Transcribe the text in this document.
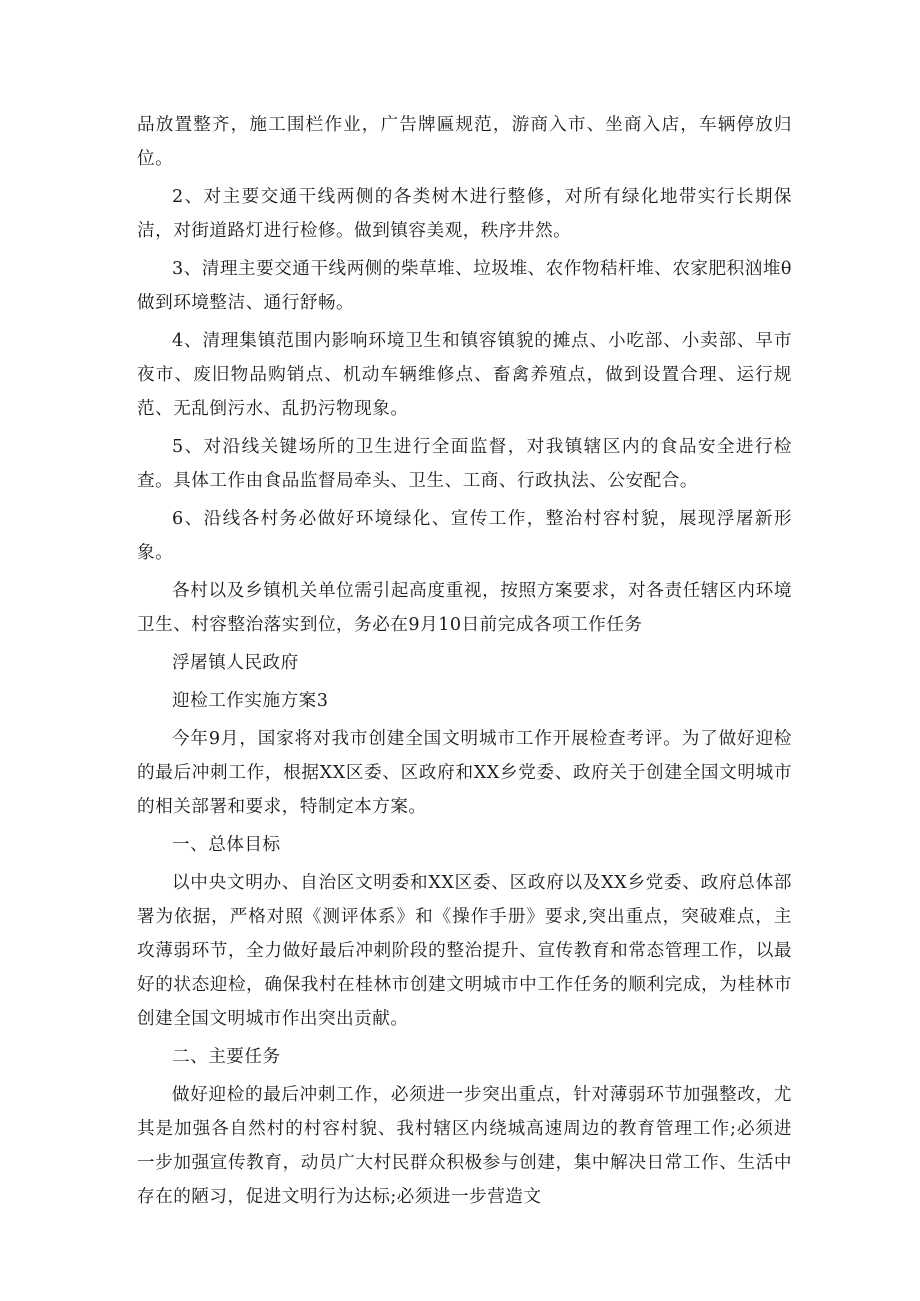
品放置整齐，施工围栏作业，广告牌匾规范，游商入市、坐商入店，车辆停放归位。

2、对主要交通干线两侧的各类树木进行整修，对所有绿化地带实行长期保洁，对街道路灯进行检修。做到镇容美观，秩序井然。

3、清理主要交通干线两侧的柴草堆、垃圾堆、农作物秸杆堆、农家肥积汹堆θ做到环境整洁、通行舒畅。

4、清理集镇范围内影响环境卫生和镇容镇貌的摊点、小吃部、小卖部、早市夜市、废旧物品购销点、机动车辆维修点、畜禽养殖点，做到设置合理、运行规范、无乱倒污水、乱扔污物现象。

5、对沿线关键场所的卫生进行全面监督，对我镇辖区内的食品安全进行检查。具体工作由食品监督局牵头、卫生、工商、行政执法、公安配合。

6、沿线各村务必做好环境绿化、宣传工作，整治村容村貌，展现浮屠新形象。

各村以及乡镇机关单位需引起高度重视，按照方案要求，对各责任辖区内环境卫生、村容整治落实到位，务必在9月10日前完成各项工作任务

浮屠镇人民政府

迎检工作实施方案3

今年9月，国家将对我市创建全国文明城市工作开展检查考评。为了做好迎检的最后冲刺工作，根据XX区委、区政府和XX乡党委、政府关于创建全国文明城市的相关部署和要求，特制定本方案。

一、总体目标

以中央文明办、自治区文明委和XX区委、区政府以及XX乡党委、政府总体部署为依据，严格对照《测评体系》和《操作手册》要求,突出重点，突破难点，主攻薄弱环节，全力做好最后冲刺阶段的整治提升、宣传教育和常态管理工作，以最好的状态迎检，确保我村在桂林市创建文明城市中工作任务的顺利完成，为桂林市创建全国文明城市作出突出贡献。

二、主要任务

做好迎检的最后冲刺工作，必须进一步突出重点，针对薄弱环节加强整改，尤其是加强各自然村的村容村貌、我村辖区内绕城高速周边的教育管理工作;必须进一步加强宣传教育，动员广大村民群众积极参与创建，集中解决日常工作、生活中存在的陋习，促进文明行为达标;必须进一步营造文
